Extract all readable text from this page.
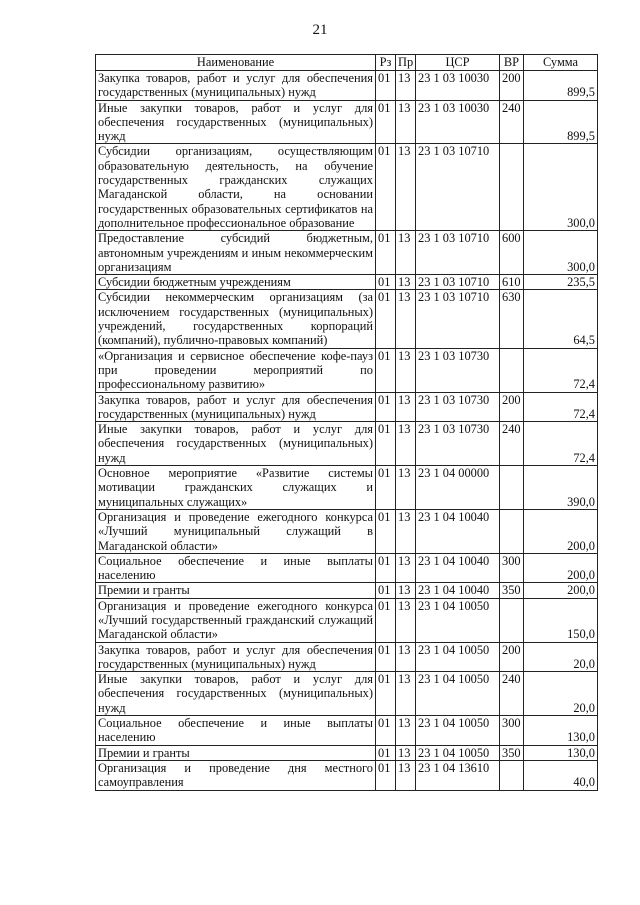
21
Наименование	Рз	Пр	ЦСР	ВР	Сумма
Закупка товаров, работ и услуг для обеспечения государственных (муниципальных) нужд	01	13	23 1 03 10030	200	899,5
Иные закупки товаров, работ и услуг для обеспечения государственных (муниципальных) нужд	01	13	23 1 03 10030	240	899,5
Субсидии организациям, осуществляющим образовательную деятельность, на обучение государственных гражданских служащих Магаданской области, на основании государственных образовательных сертификатов на дополнительное профессиональное образование	01	13	23 1 03 10710		300,0
Предоставление субсидий бюджетным, автономным учреждениям и иным некоммерческим организациям	01	13	23 1 03 10710	600	300,0
Субсидии бюджетным учреждениям	01	13	23 1 03 10710	610	235,5
Субсидии некоммерческим организациям (за исключением государственных (муниципальных) учреждений, государственных корпораций (компаний), публично-правовых компаний)	01	13	23 1 03 10710	630	64,5
«Организация и сервисное обеспечение кофе-пауз при проведении мероприятий по профессиональному развитию»	01	13	23 1 03 10730		72,4
Закупка товаров, работ и услуг для обеспечения государственных (муниципальных) нужд	01	13	23 1 03 10730	200	72,4
Иные закупки товаров, работ и услуг для обеспечения государственных (муниципальных) нужд	01	13	23 1 03 10730	240	72,4
Основное мероприятие «Развитие системы мотивации гражданских служащих и муниципальных служащих»	01	13	23 1 04 00000		390,0
Организация и проведение ежегодного конкурса «Лучший муниципальный служащий в Магаданской области»	01	13	23 1 04 10040		200,0
Социальное обеспечение и иные выплаты населению	01	13	23 1 04 10040	300	200,0
Премии и гранты	01	13	23 1 04 10040	350	200,0
Организация и проведение ежегодного конкурса «Лучший государственный гражданский служащий Магаданской области»	01	13	23 1 04 10050		150,0
Закупка товаров, работ и услуг для обеспечения государственных (муниципальных) нужд	01	13	23 1 04 10050	200	20,0
Иные закупки товаров, работ и услуг для обеспечения государственных (муниципальных) нужд	01	13	23 1 04 10050	240	20,0
Социальное обеспечение и иные выплаты населению	01	13	23 1 04 10050	300	130,0
Премии и гранты	01	13	23 1 04 10050	350	130,0
Организация и проведение дня местного самоуправления	01	13	23 1 04 13610		40,0
